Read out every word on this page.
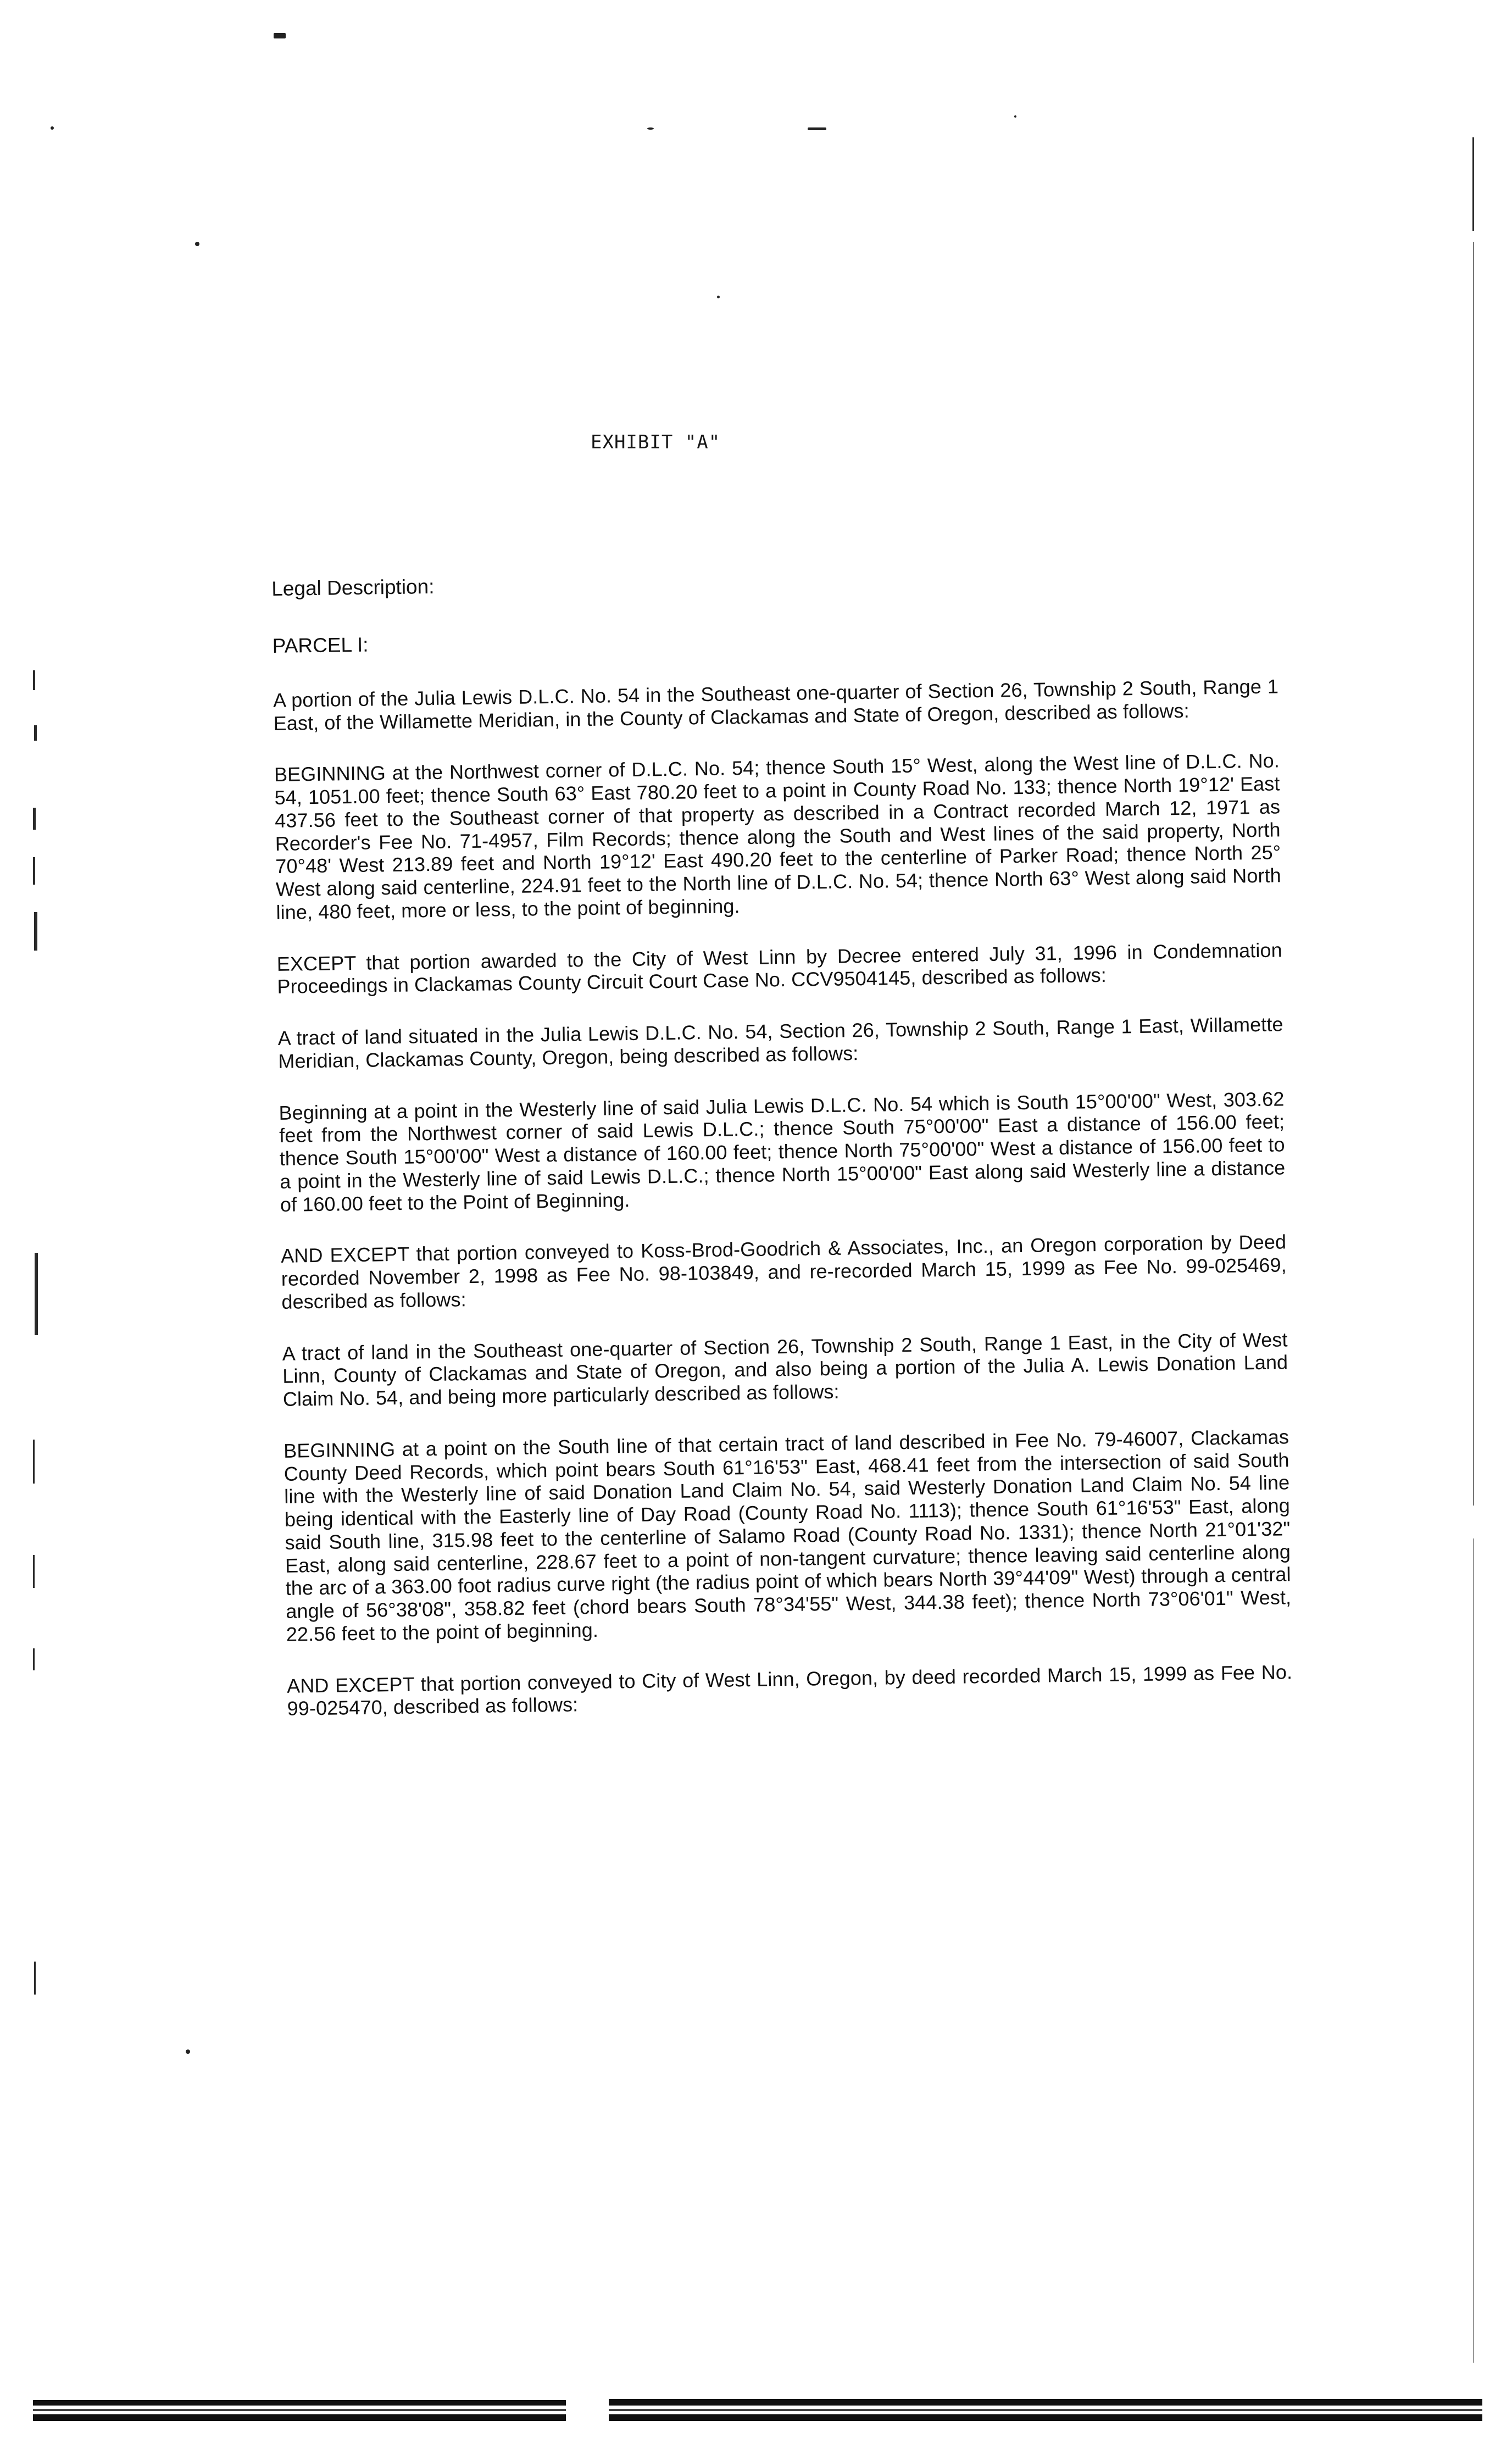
EXHIBIT "A"

Legal Description:

PARCEL I:

A portion of the Julia Lewis D.L.C. No. 54 in the Southeast one-quarter of Section 26, Township 2 South, Range 1 East, of the Willamette Meridian, in the County of Clackamas and State of Oregon, described as follows:

BEGINNING at the Northwest corner of D.L.C. No. 54; thence South 15° West, along the West line of D.L.C. No. 54, 1051.00 feet; thence South 63° East 780.20 feet to a point in County Road No. 133; thence North 19°12' East 437.56 feet to the Southeast corner of that property as described in a Contract recorded March 12, 1971 as Recorder's Fee No. 71-4957, Film Records; thence along the South and West lines of the said property, North 70°48' West 213.89 feet and North 19°12' East 490.20 feet to the centerline of Parker Road; thence North 25° West along said centerline, 224.91 feet to the North line of D.L.C. No. 54; thence North 63° West along said North line, 480 feet, more or less, to the point of beginning.

EXCEPT that portion awarded to the City of West Linn by Decree entered July 31, 1996 in Condemnation Proceedings in Clackamas County Circuit Court Case No. CCV9504145, described as follows:

A tract of land situated in the Julia Lewis D.L.C. No. 54, Section 26, Township 2 South, Range 1 East, Willamette Meridian, Clackamas County, Oregon, being described as follows:

Beginning at a point in the Westerly line of said Julia Lewis D.L.C. No. 54 which is South 15°00'00" West, 303.62 feet from the Northwest corner of said Lewis D.L.C.; thence South 75°00'00" East a distance of 156.00 feet; thence South 15°00'00" West a distance of 160.00 feet; thence North 75°00'00" West a distance of 156.00 feet to a point in the Westerly line of said Lewis D.L.C.; thence North 15°00'00" East along said Westerly line a distance of 160.00 feet to the Point of Beginning.

AND EXCEPT that portion conveyed to Koss-Brod-Goodrich & Associates, Inc., an Oregon corporation by Deed recorded November 2, 1998 as Fee No. 98-103849, and re-recorded March 15, 1999 as Fee No. 99-025469, described as follows:

A tract of land in the Southeast one-quarter of Section 26, Township 2 South, Range 1 East, in the City of West Linn, County of Clackamas and State of Oregon, and also being a portion of the Julia A. Lewis Donation Land Claim No. 54, and being more particularly described as follows:

BEGINNING at a point on the South line of that certain tract of land described in Fee No. 79-46007, Clackamas County Deed Records, which point bears South 61°16'53" East, 468.41 feet from the intersection of said South line with the Westerly line of said Donation Land Claim No. 54, said Westerly Donation Land Claim No. 54 line being identical with the Easterly line of Day Road (County Road No. 1113); thence South 61°16'53" East, along said South line, 315.98 feet to the centerline of Salamo Road (County Road No. 1331); thence North 21°01'32" East, along said centerline, 228.67 feet to a point of non-tangent curvature; thence leaving said centerline along the arc of a 363.00 foot radius curve right (the radius point of which bears North 39°44'09" West) through a central angle of 56°38'08", 358.82 feet (chord bears South 78°34'55" West, 344.38 feet); thence North 73°06'01" West, 22.56 feet to the point of beginning.

AND EXCEPT that portion conveyed to City of West Linn, Oregon, by deed recorded March 15, 1999 as Fee No. 99-025470, described as follows:
